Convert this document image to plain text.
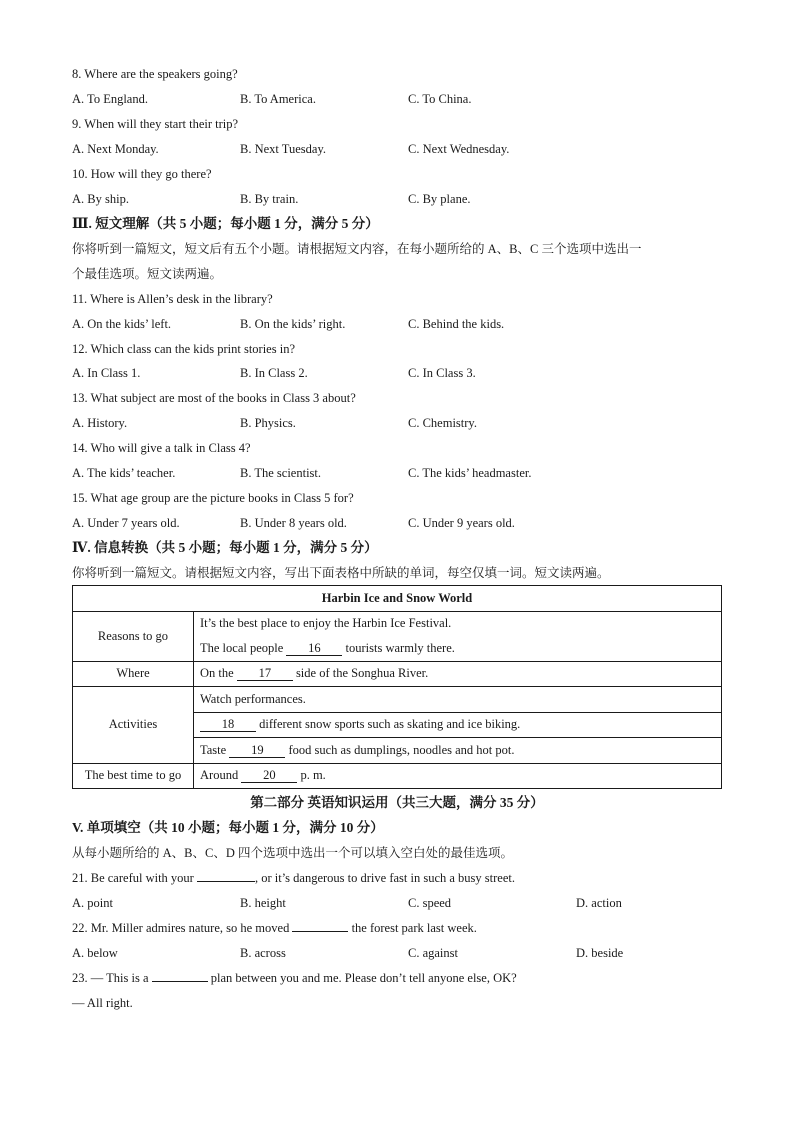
8. Where are the speakers going?
A. To England.	B. To America.	C. To China.
9. When will they start their trip?
A. Next Monday.	B. Next Tuesday.	C. Next Wednesday.
10. How will they go there?
A. By ship.	B. By train.	C. By plane.
Ⅲ. 短文理解（共 5 小题；每小题 1 分，满分 5 分）
你将听到一篇短文，短文后有五个小题。请根据短文内容，在每小题所给的 A、B、C 三个选项中选出一
个最佳选项。短文读两遍。
11. Where is Allen’s desk in the library?
A. On the kids’ left.	B. On the kids’ right.	C. Behind the kids.
12. Which class can the kids print stories in?
A. In Class 1.	B. In Class 2.	C. In Class 3.
13. What subject are most of the books in Class 3 about?
A. History.	B. Physics.	C. Chemistry.
14. Who will give a talk in Class 4?
A. The kids’ teacher.	B. The scientist.	C. The kids’ headmaster.
15. What age group are the picture books in Class 5 for?
A. Under 7 years old.	B. Under 8 years old.	C. Under 9 years old.
Ⅳ. 信息转换（共 5 小题；每小题 1 分，满分 5 分）
你将听到一篇短文。请根据短文内容，写出下面表格中所缺的单词，每空仅填一词。短文读两遍。
Harbin Ice and Snow World	
Reasons to go	It’s the best place to enjoy the Harbin Ice Festival.
	The local people 16 tourists warmly there.
Where	On the 17 side of the Songhua River.
Activities	Watch performances.
	18 different snow sports such as skating and ice biking.
	Taste 19 food such as dumplings, noodles and hot pot.
The best time to go	Around 20 p. m.
第二部分 英语知识运用（共三大题，满分 35 分）
V. 单项填空（共 10 小题；每小题 1 分，满分 10 分）
从每小题所给的 A、B、C、D 四个选项中选出一个可以填入空白处的最佳选项。
21. Be careful with your	, or it’s dangerous to drive fast in such a busy street.
A. point	B. height	C. speed	D. action
22. Mr. Miller admires nature, so he moved	the forest park last week.
A. below	B. across	C. against	D. beside
23. — This is a	plan between you and me. Please don’t tell anyone else, OK?
— All right.
